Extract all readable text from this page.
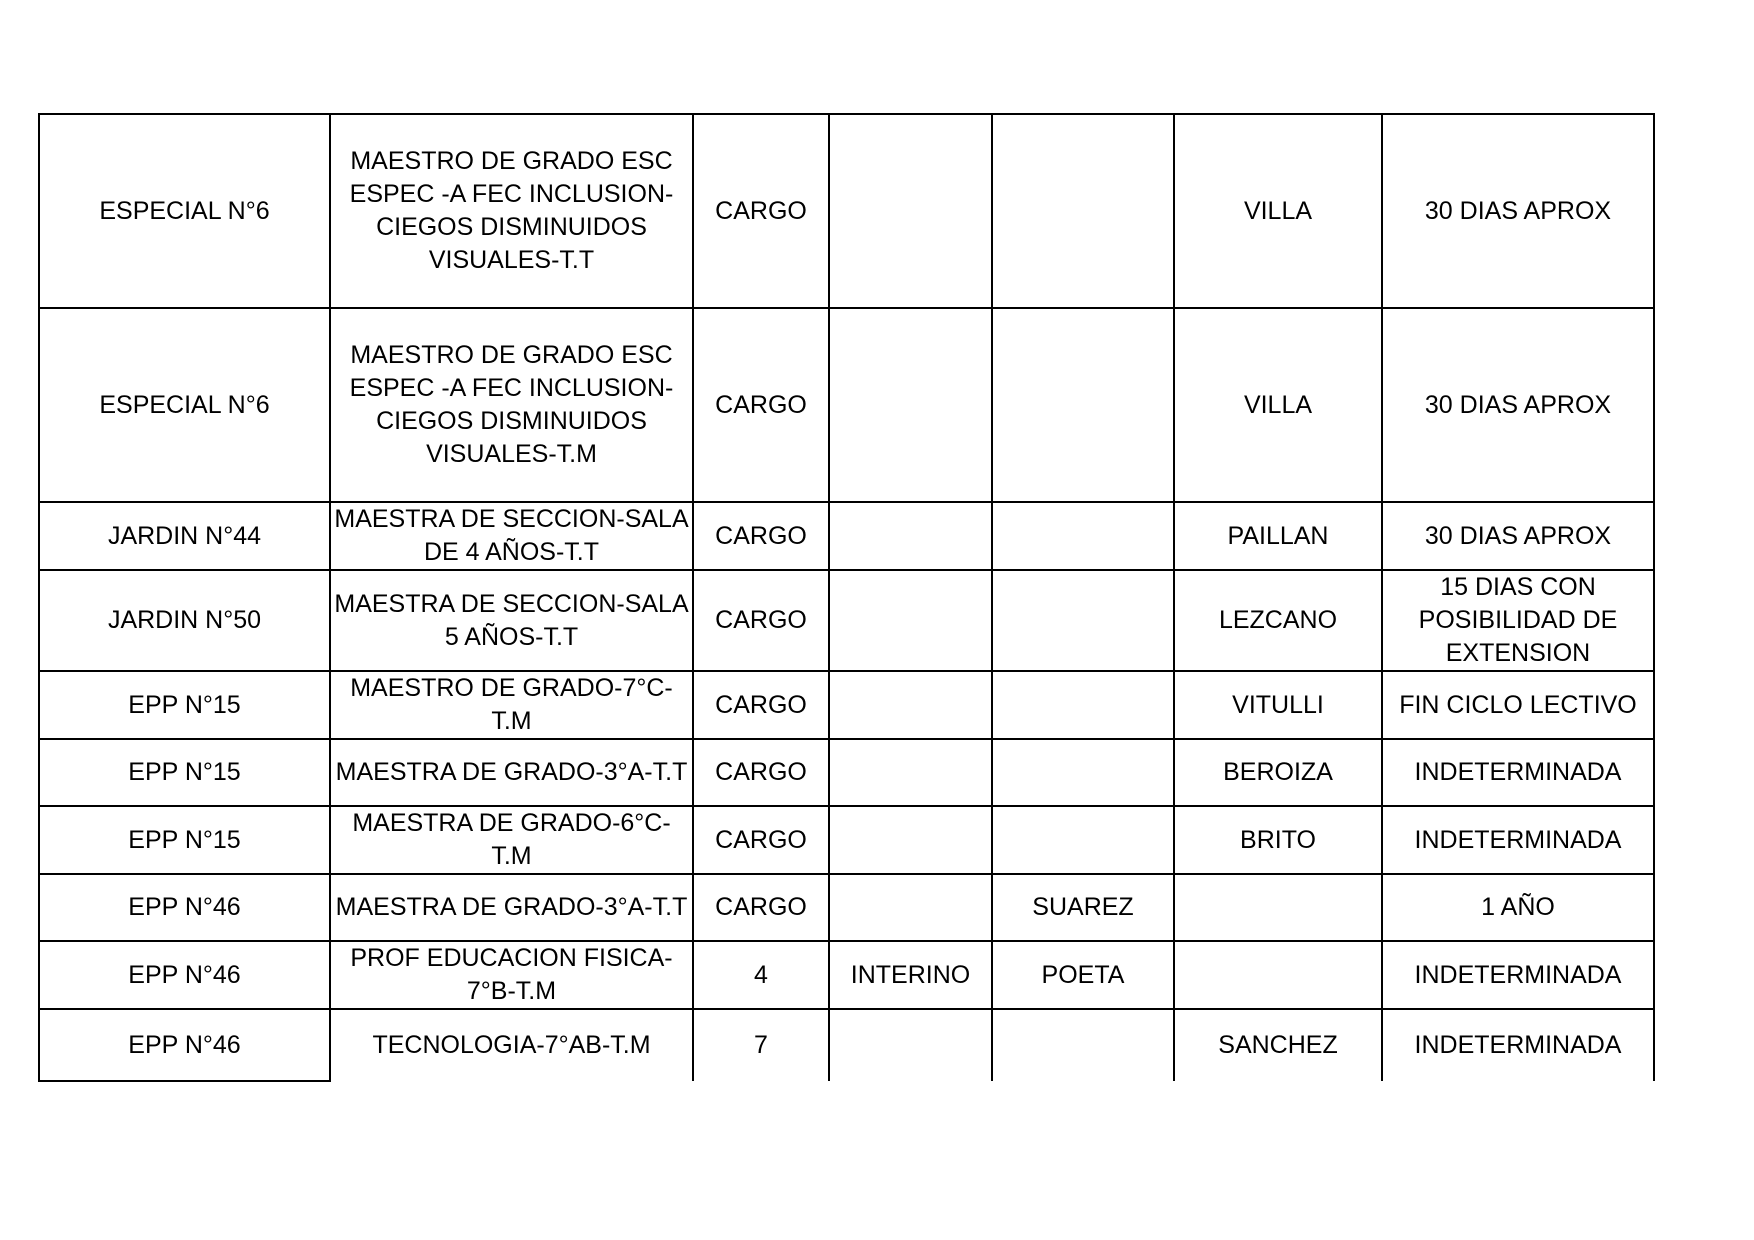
ESPECIAL N°6	MAESTRO DE GRADO ESC ESPEC -A FEC INCLUSION-CIEGOS DISMINUIDOS VISUALES-T.T	CARGO			VILLA	30 DIAS APROX
ESPECIAL N°6	MAESTRO DE GRADO ESC ESPEC -A FEC INCLUSION-CIEGOS DISMINUIDOS VISUALES-T.M	CARGO			VILLA	30 DIAS APROX
JARDIN N°44	MAESTRA DE SECCION-SALA DE 4 AÑOS-T.T	CARGO			PAILLAN	30 DIAS APROX
JARDIN N°50	MAESTRA DE SECCION-SALA 5 AÑOS-T.T	CARGO			LEZCANO	15 DIAS CON POSIBILIDAD DE EXTENSION
EPP N°15	MAESTRO DE GRADO-7°C-T.M	CARGO			VITULLI	FIN CICLO LECTIVO
EPP N°15	MAESTRA DE GRADO-3°A-T.T	CARGO			BEROIZA	INDETERMINADA
EPP N°15	MAESTRA DE GRADO-6°C-T.M	CARGO			BRITO	INDETERMINADA
EPP N°46	MAESTRA DE GRADO-3°A-T.T	CARGO		SUAREZ		1 AÑO
EPP N°46	PROF EDUCACION FISICA-7°B-T.M	4	INTERINO	POETA		INDETERMINADA
EPP N°46	TECNOLOGIA-7°AB-T.M	7			SANCHEZ	INDETERMINADA
